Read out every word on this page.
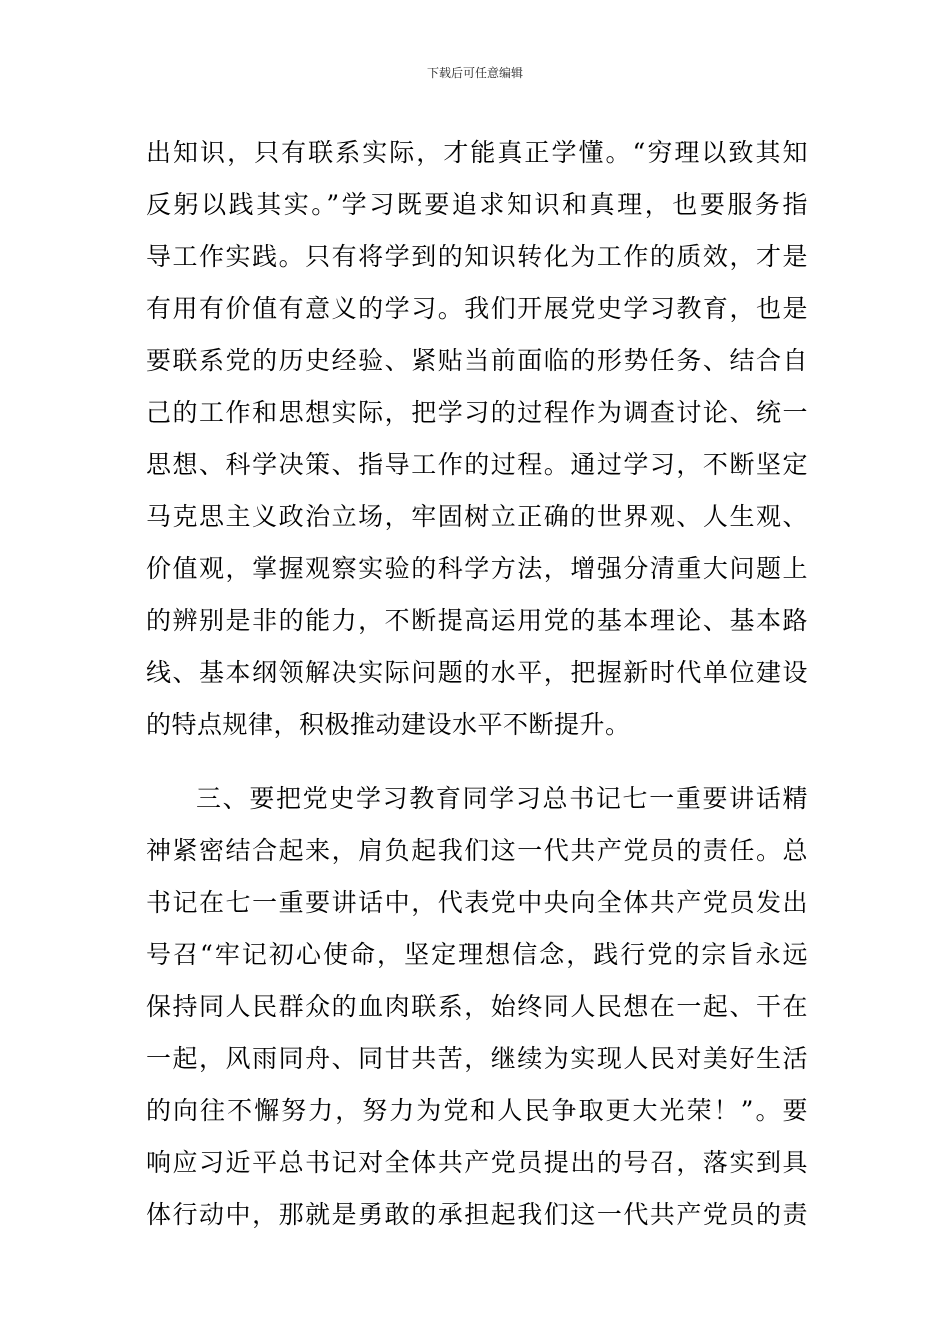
下载后可任意编辑
出知识，只有联系实际，才能真正学懂。“穷理以致其知
反躬以践其实。”学习既要追求知识和真理，也要服务指
导工作实践。只有将学到的知识转化为工作的质效，才是
有用有价值有意义的学习。我们开展党史学习教育，也是
要联系党的历史经验、紧贴当前面临的形势任务、结合自
己的工作和思想实际，把学习的过程作为调查讨论、统一
思想、科学决策、指导工作的过程。通过学习，不断坚定
马克思主义政治立场，牢固树立正确的世界观、人生观、
价值观，掌握观察实验的科学方法，增强分清重大问题上
的辨别是非的能力，不断提高运用党的基本理论、基本路
线、基本纲领解决实际问题的水平，把握新时代单位建设
的特点规律，积极推动建设水平不断提升。
三、要把党史学习教育同学习总书记七一重要讲话精
神紧密结合起来，肩负起我们这一代共产党员的责任。总
书记在七一重要讲话中，代表党中央向全体共产党员发出
号召“牢记初心使命，坚定理想信念，践行党的宗旨永远
保持同人民群众的血肉联系，始终同人民想在一起、干在
一起，风雨同舟、同甘共苦，继续为实现人民对美好生活
的向往不懈努力，努力为党和人民争取更大光荣！”。要
响应习近平总书记对全体共产党员提出的号召，落实到具
体行动中，那就是勇敢的承担起我们这一代共产党员的责
